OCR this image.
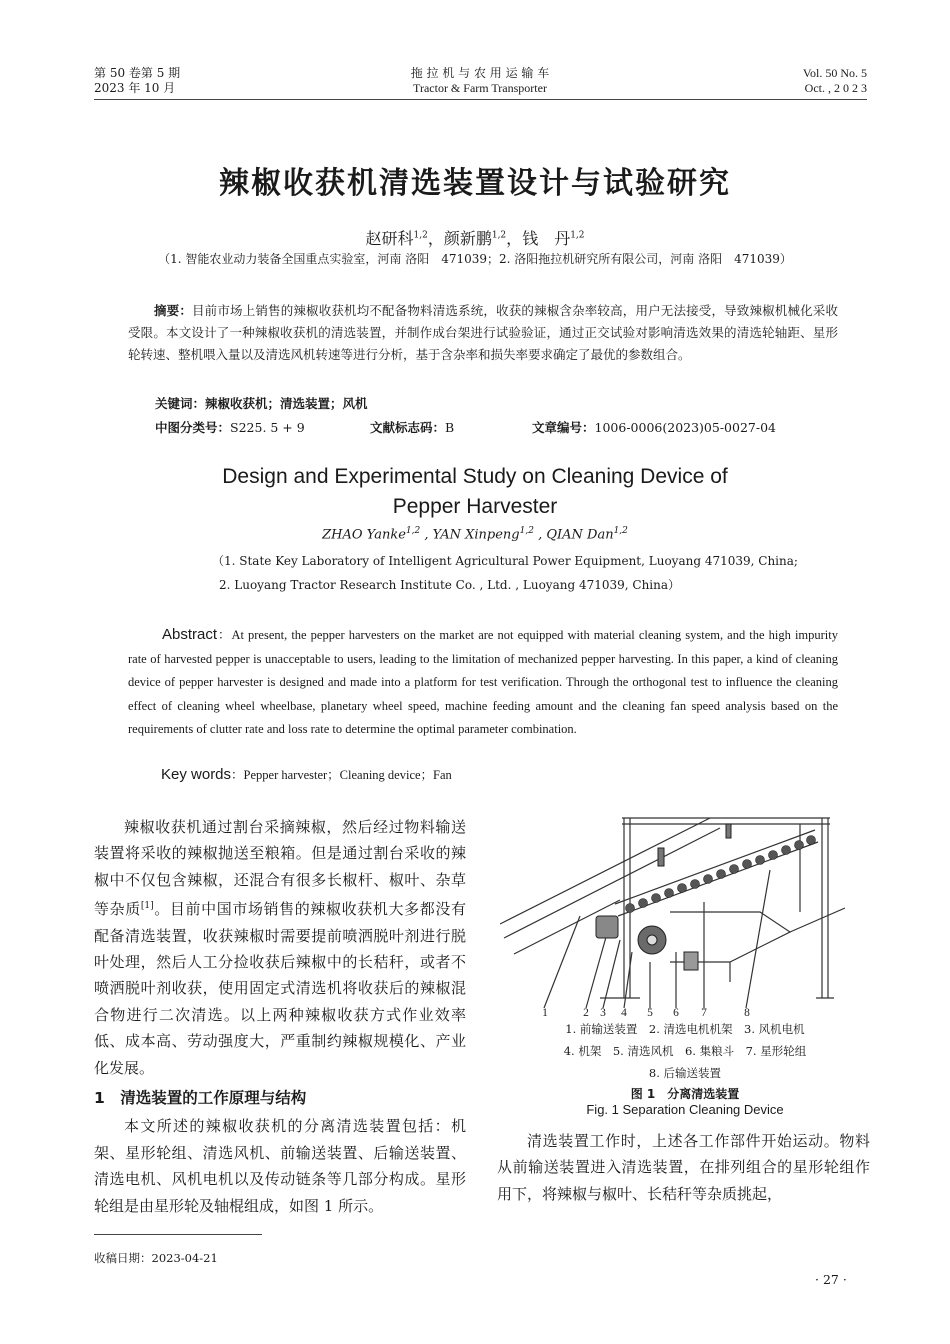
第 50 卷第 5 期
2023 年 10 月
拖 拉 机 与 农 用 运 输 车
Tractor & Farm Transporter
Vol. 50 No. 5
Oct. , 2 0 2 3
辣椒收获机清选装置设计与试验研究
赵研科$^{1,2}$，颜新鹏$^{1,2}$，钱　丹$^{1,2}$
（1. 智能农业动力装备全国重点实验室，河南 洛阳　471039；2. 洛阳拖拉机研究所有限公司，河南 洛阳　471039）
摘要：目前市场上销售的辣椒收获机均不配备物料清选系统，收获的辣椒含杂率较高，用户无法接受，导致辣椒机械化采收受限。本文设计了一种辣椒收获机的清选装置，并制作成台架进行试验验证，通过正交试验对影响清选效果的清选轮轴距、星形轮转速、整机喂入量以及清选风机转速等进行分析，基于含杂率和损失率要求确定了最优的参数组合。
关键词：辣椒收获机；清选装置；风机
中图分类号：S225. 5 + 9	文献标志码：B	文章编号：1006-0006(2023)05-0027-04
Design and Experimental Study on Cleaning Device of
Pepper Harvester
ZHAO Yanke$^{1,2}$ , YAN Xinpeng$^{1,2}$ , QIAN Dan$^{1,2}$
（1. State Key Laboratory of Intelligent Agricultural Power Equipment, Luoyang 471039, China;
2. Luoyang Tractor Research Institute Co. , Ltd. , Luoyang 471039, China）
Abstract：At present, the pepper harvesters on the market are not equipped with material cleaning system, and the high impurity rate of harvested pepper is unacceptable to users, leading to the limitation of mechanized pepper harvesting. In this paper, a kind of cleaning device of pepper harvester is designed and made into a platform for test verification. Through the orthogonal test to influence the cleaning effect of cleaning wheel wheelbase, planetary wheel speed, machine feeding amount and the cleaning fan speed analysis based on the requirements of clutter rate and loss rate to determine the optimal parameter combination.
Key words：Pepper harvester；Cleaning device；Fan

辣椒收获机通过割台采摘辣椒，然后经过物料输送装置将采收的辣椒抛送至粮箱。但是通过割台采收的辣椒中不仅包含辣椒，还混合有很多长椒杆、椒叶、杂草等杂质[1]。目前中国市场销售的辣椒收获机大多都没有配备清选装置，收获辣椒时需要提前喷洒脱叶剂进行脱叶处理，然后人工分捡收获后辣椒中的长秸秆，或者不喷洒脱叶剂收获，使用固定式清选机将收获后的辣椒混合物进行二次清选。以上两种辣椒收获方式作业效率低、成本高、劳动强度大，严重制约辣椒规模化、产业化发展。

1　清选装置的工作原理与结构

本文所述的辣椒收获机的分离清选装置包括：机架、星形轮组、清选风机、前输送装置、后输送装置、清选电机、风机电机以及传动链条等几部分构成。星形轮组是由星形轮及轴棍组成，如图 1 所示。

1	2 3 4 5 6 7	8
1. 前输送装置　2. 清选电机机架　3. 风机电机
4. 机架　5. 清选风机　6. 集粮斗　7. 星形轮组
8. 后输送装置
图 1　分离清选装置
Fig. 1 Separation Cleaning Device

清选装置工作时，上述各工作部件开始运动。物料从前输送装置进入清选装置，在排列组合的星形轮组作用下，将辣椒与椒叶、长秸秆等杂质挑起，

收稿日期：2023-04-21
· 27 ·
